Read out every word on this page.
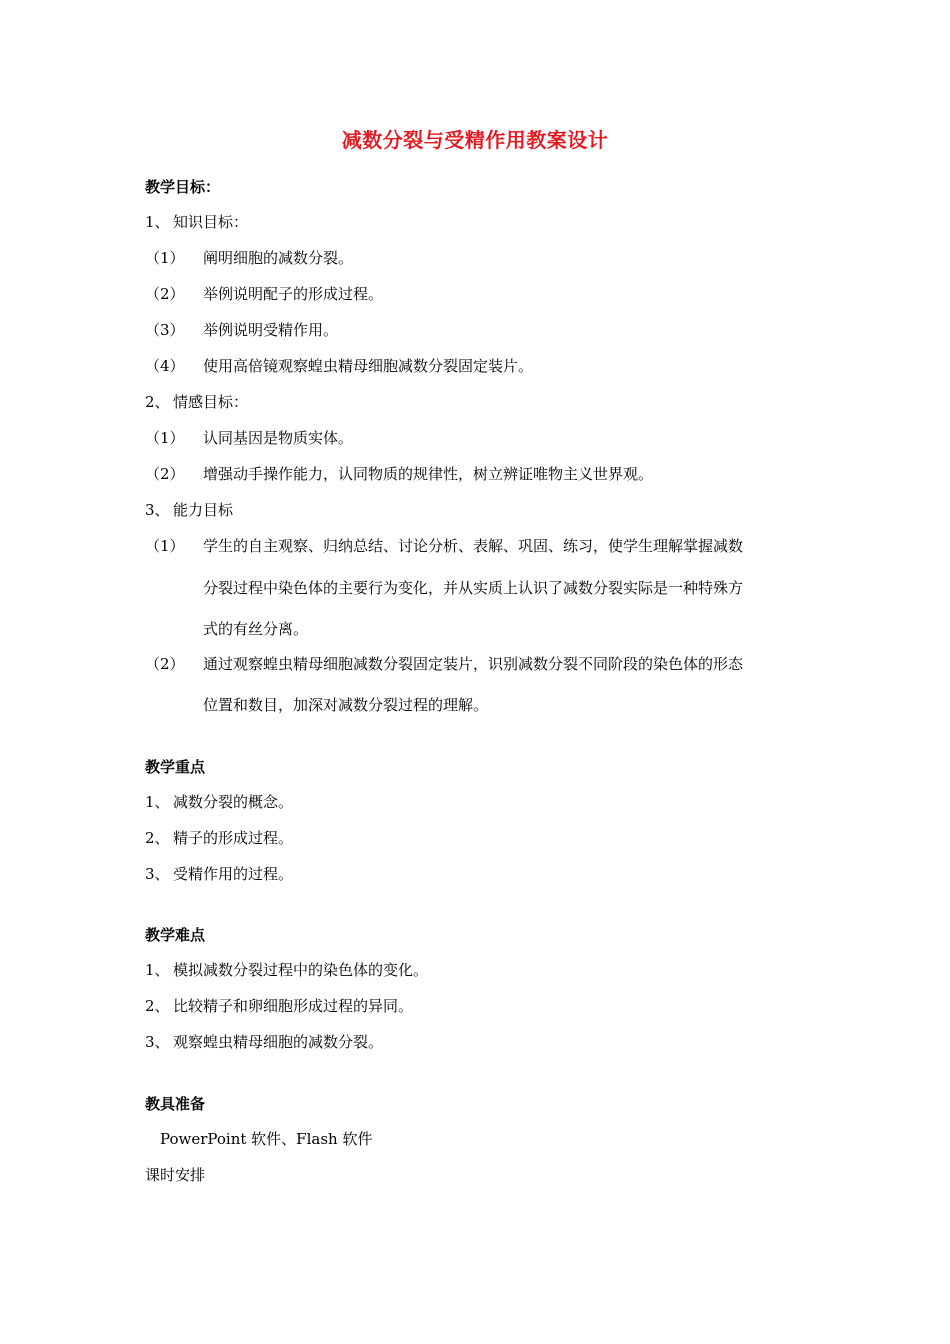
减数分裂与受精作用教案设计
教学目标：
1、 知识目标：
（1） 阐明细胞的减数分裂。
（2） 举例说明配子的形成过程。
（3） 举例说明受精作用。
（4） 使用高倍镜观察蝗虫精母细胞减数分裂固定装片。
2、 情感目标：
（1） 认同基因是物质实体。
（2） 增强动手操作能力，认同物质的规律性，树立辨证唯物主义世界观。
3、 能力目标
（1） 学生的自主观察、归纳总结、讨论分析、表解、巩固、练习，使学生理解掌握减数
分裂过程中染色体的主要行为变化，并从实质上认识了减数分裂实际是一种特殊方
式的有丝分离。
（2） 通过观察蝗虫精母细胞减数分裂固定装片，识别减数分裂不同阶段的染色体的形态
位置和数目，加深对减数分裂过程的理解。
教学重点
1、 减数分裂的概念。
2、 精子的形成过程。
3、 受精作用的过程。
教学难点
1、 模拟减数分裂过程中的染色体的变化。
2、 比较精子和卵细胞形成过程的异同。
3、 观察蝗虫精母细胞的减数分裂。
教具准备
PowerPoint 软件、Flash 软件
课时安排
